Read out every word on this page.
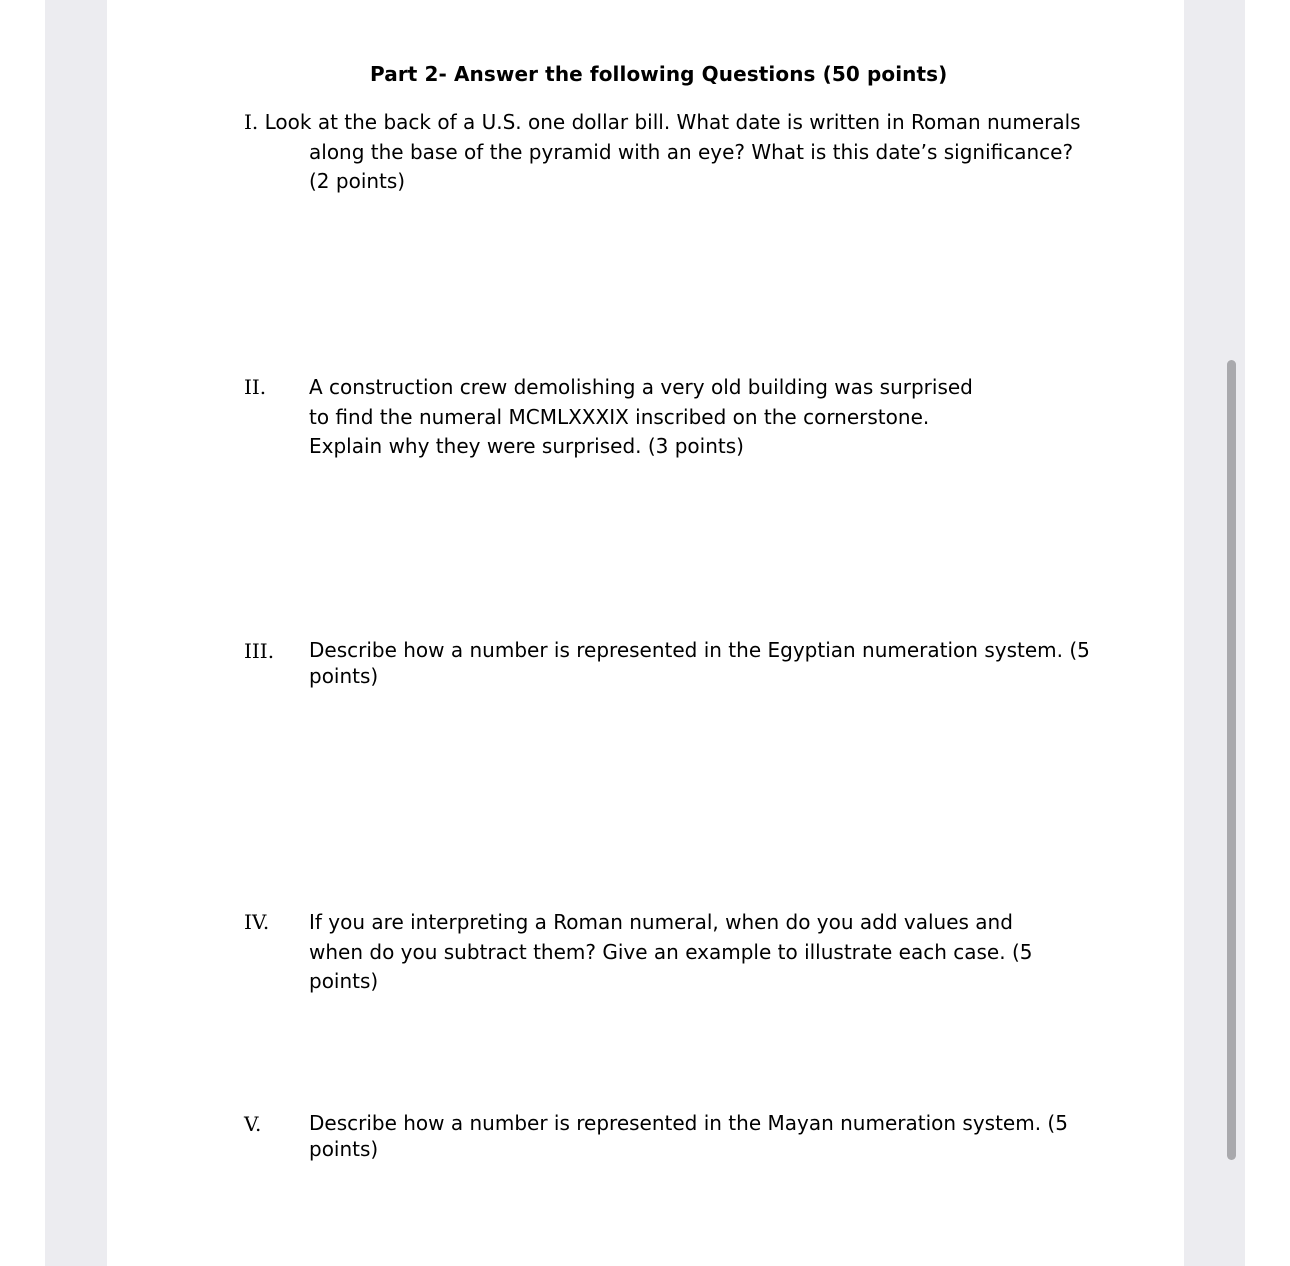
Part 2- Answer the following Questions (50 points)
I. Look at the back of a U.S. one dollar bill. What date is written in Roman numerals
along the base of the pyramid with an eye? What is this date’s significance?
(2 points)
II. A construction crew demolishing a very old building was surprised
to find the numeral MCMLXXXIX inscribed on the cornerstone.
Explain why they were surprised. (3 points)
III. Describe how a number is represented in the Egyptian numeration system. (5
points)
IV. If you are interpreting a Roman numeral, when do you add values and
when do you subtract them? Give an example to illustrate each case. (5
points)
V. Describe how a number is represented in the Mayan numeration system. (5
points)
